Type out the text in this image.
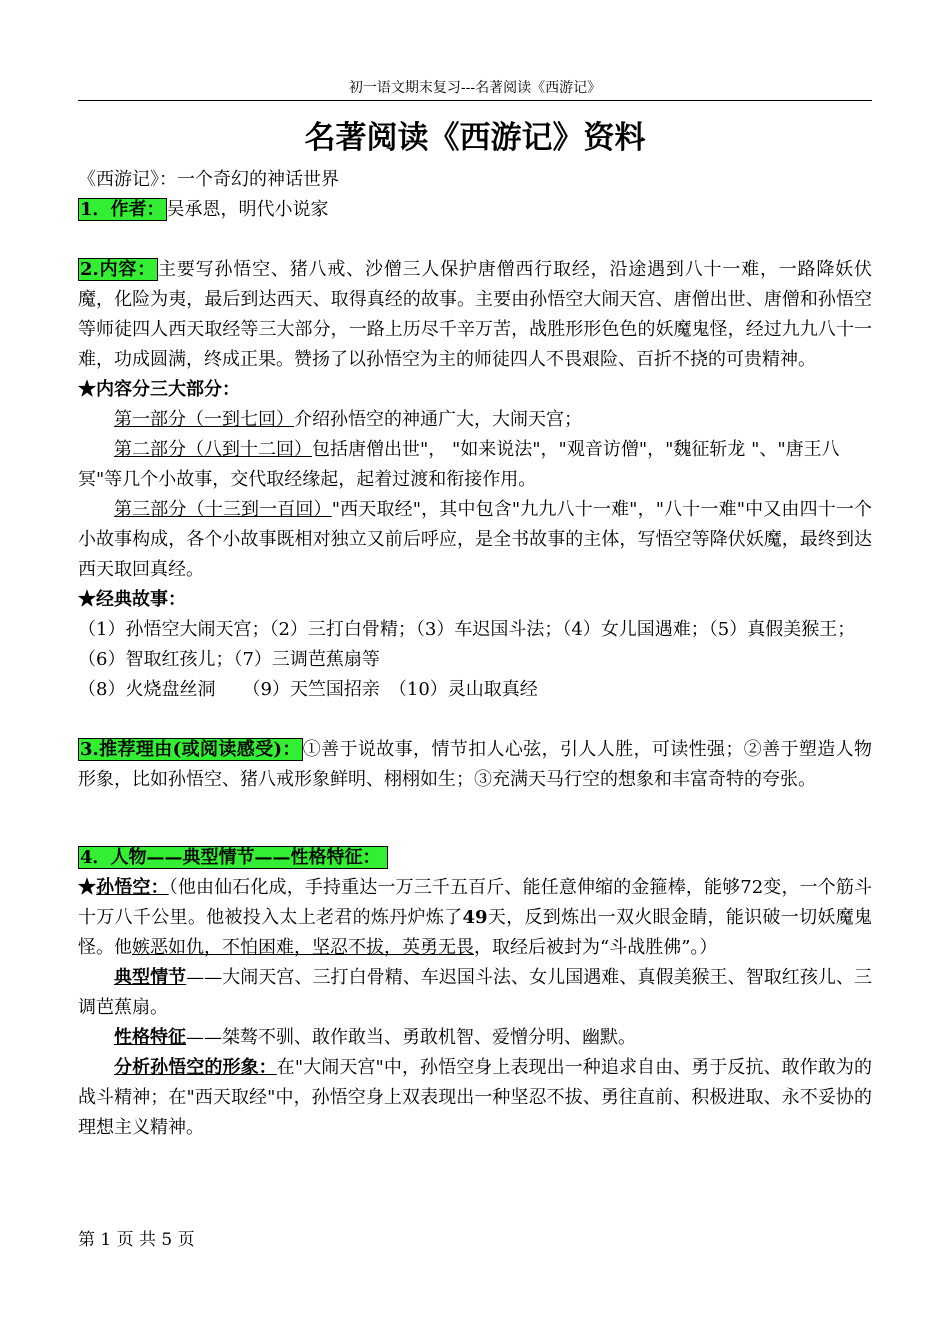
初一语文期末复习---名著阅读《西游记》
名著阅读《西游记》资料

《西游记》：一个奇幻的神话世界

1．作者： 吴承恩，明代小说家

2.内容： 主要写孙悟空、猪八戒、沙僧三人保护唐僧西行取经，沿途遇到八十一难，一路降妖伏魔，化险为夷，最后到达西天、取得真经的故事。主要由孙悟空大闹天宫、唐僧出世、唐僧和孙悟空等师徒四人西天取经等三大部分，一路上历尽千辛万苦，战胜形形色色的妖魔鬼怪，经过九九八十一难，功成圆满，终成正果。赞扬了以孙悟空为主的师徒四人不畏艰险、百折不挠的可贵精神。

★内容分三大部分：

第一部分（一到七回）介绍孙悟空的神通广大，大闹天宫；

第二部分（八到十二回）包括唐僧出世"， "如来说法"，"观音访僧"，"魏征斩龙 "、"唐王八冥"等几个小故事，交代取经缘起，起着过渡和衔接作用。

第三部分（十三到一百回）"西天取经"，其中包含"九九八十一难"，"八十一难"中又由四十一个小故事构成，各个小故事既相对独立又前后呼应，是全书故事的主体，写悟空等降伏妖魔，最终到达西天取回真经。

★经典故事：

（1）孙悟空大闹天宫；（2）三打白骨精；（3）车迟国斗法；（4）女儿国遇难；（5）真假美猴王；　　（6）智取红孩儿；（7）三调芭蕉扇等

（8）火烧盘丝洞　　（9）天竺国招亲　（10）灵山取真经

3.推荐理由(或阅读感受)： ①善于说故事，情节扣人心弦，引人人胜，可读性强；②善于塑造人物形象，比如孙悟空、猪八戒形象鲜明、栩栩如生；③充满天马行空的想象和丰富奇特的夸张。

4．人物——典型情节——性格特征：

★孙悟空：（他由仙石化成，手持重达一万三千五百斤、能任意伸缩的金箍棒，能够72变，一个筋斗十万八千公里。他被投入太上老君的炼丹炉炼了49天，反到炼出一双火眼金睛，能识破一切妖魔鬼怪。他嫉恶如仇，不怕困难，坚忍不拔，英勇无畏，取经后被封为“斗战胜佛”。）

典型情节——大闹天宫、三打白骨精、车迟国斗法、女儿国遇难、真假美猴王、智取红孩儿、三调芭蕉扇。

性格特征——桀骜不驯、敢作敢当、勇敢机智、爱憎分明、幽默。

分析孙悟空的形象：在"大闹天宫"中，孙悟空身上表现出一种追求自由、勇于反抗、敢作敢为的战斗精神；在"西天取经"中，孙悟空身上双表现出一种坚忍不拔、勇往直前、积极进取、永不妥协的理想主义精神。

第 1 页 共 5 页
